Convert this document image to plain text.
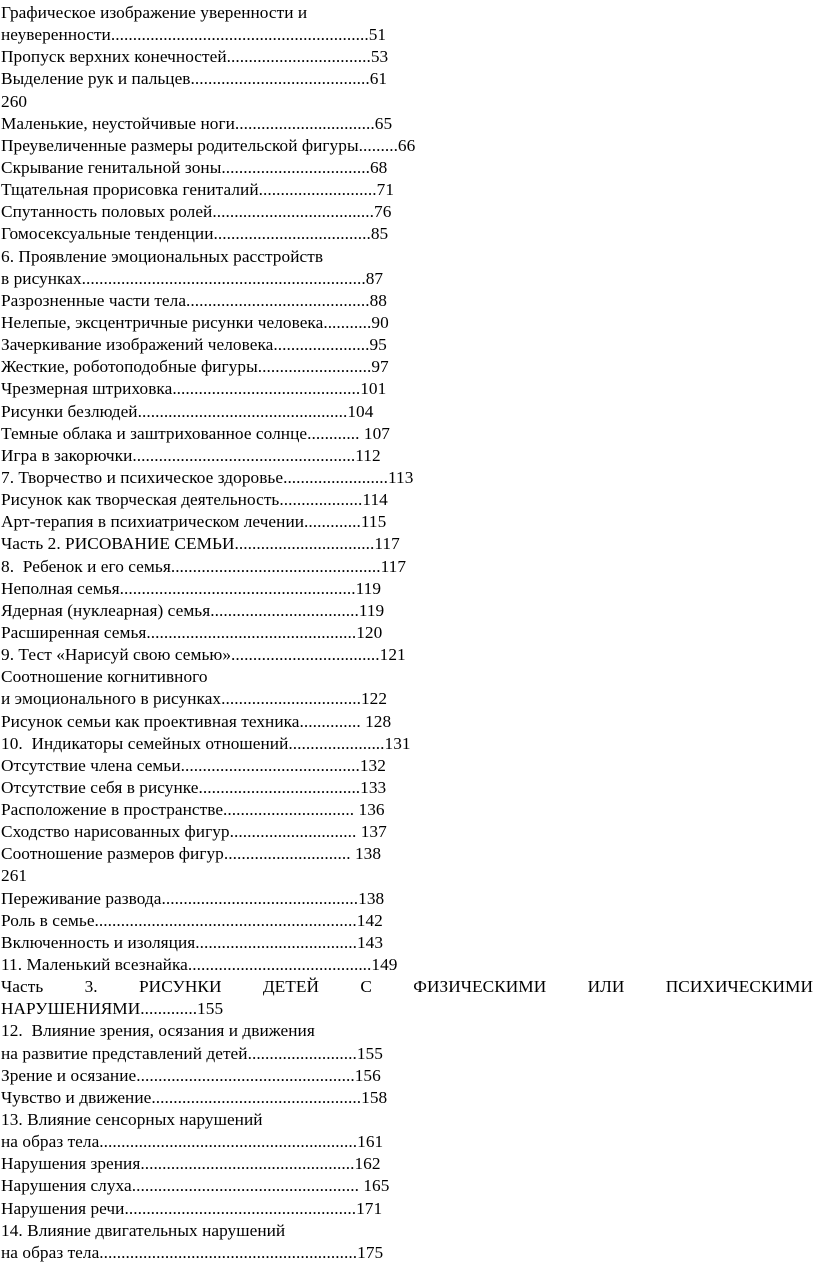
Графическое изображение уверенности и
неуверенности...........................................................51
Пропуск верхних конечностей.................................53
Выделение рук и пальцев.........................................61
260
Маленькие, неустойчивые ноги................................65
Преувеличенные размеры родительской фигуры.........66
Скрывание генитальной зоны..................................68
Тщательная прорисовка гениталий...........................71
Спутанность половых ролей.....................................76
Гомосексуальные тенденции....................................85
6. Проявление эмоциональных расстройств
в рисунках.................................................................87
Разрозненные части тела..........................................88
Нелепые, эксцентричные рисунки человека...........90
Зачеркивание изображений человека......................95
Жесткие, роботоподобные фигуры..........................97
Чрезмерная штриховка...........................................101
Рисунки безлюдей................................................104
Темные облака и заштрихованное солнце............ 107
Игра в закорючки...................................................112
7. Творчество и психическое здоровье........................113
Рисунок как творческая деятельность...................114
Арт-терапия в психиатрическом лечении.............115
Часть 2. РИСОВАНИЕ СЕМЬИ................................117
8.  Ребенок и его семья................................................117
Неполная семья......................................................119
Ядерная (нуклеарная) семья..................................119
Расширенная семья................................................120
9. Тест «Нарисуй свою семью»..................................121
Соотношение когнитивного
и эмоционального в рисунках................................122
Рисунок семьи как проективная техника.............. 128
10.  Индикаторы семейных отношений......................131
Отсутствие члена семьи.........................................132
Отсутствие себя в рисунке.....................................133
Расположение в пространстве.............................. 136
Сходство нарисованных фигур............................. 137
Соотношение размеров фигур............................. 138
261
Переживание развода.............................................138
Роль в семье............................................................142
Включенность и изоляция.....................................143
11. Маленький всезнайка..........................................149
Часть 3. РИСУНКИ ДЕТЕЙ С ФИЗИЧЕСКИМИ ИЛИ ПСИХИЧЕСКИМИ
НАРУШЕНИЯМИ.............155
12.  Влияние зрения, осязания и движения
на развитие представлений детей.........................155
Зрение и осязание..................................................156
Чувство и движение................................................158
13. Влияние сенсорных нарушений
на образ тела...........................................................161
Нарушения зрения.................................................162
Нарушения слуха.................................................... 165
Нарушения речи.....................................................171
14. Влияние двигательных нарушений
на образ тела...........................................................175
